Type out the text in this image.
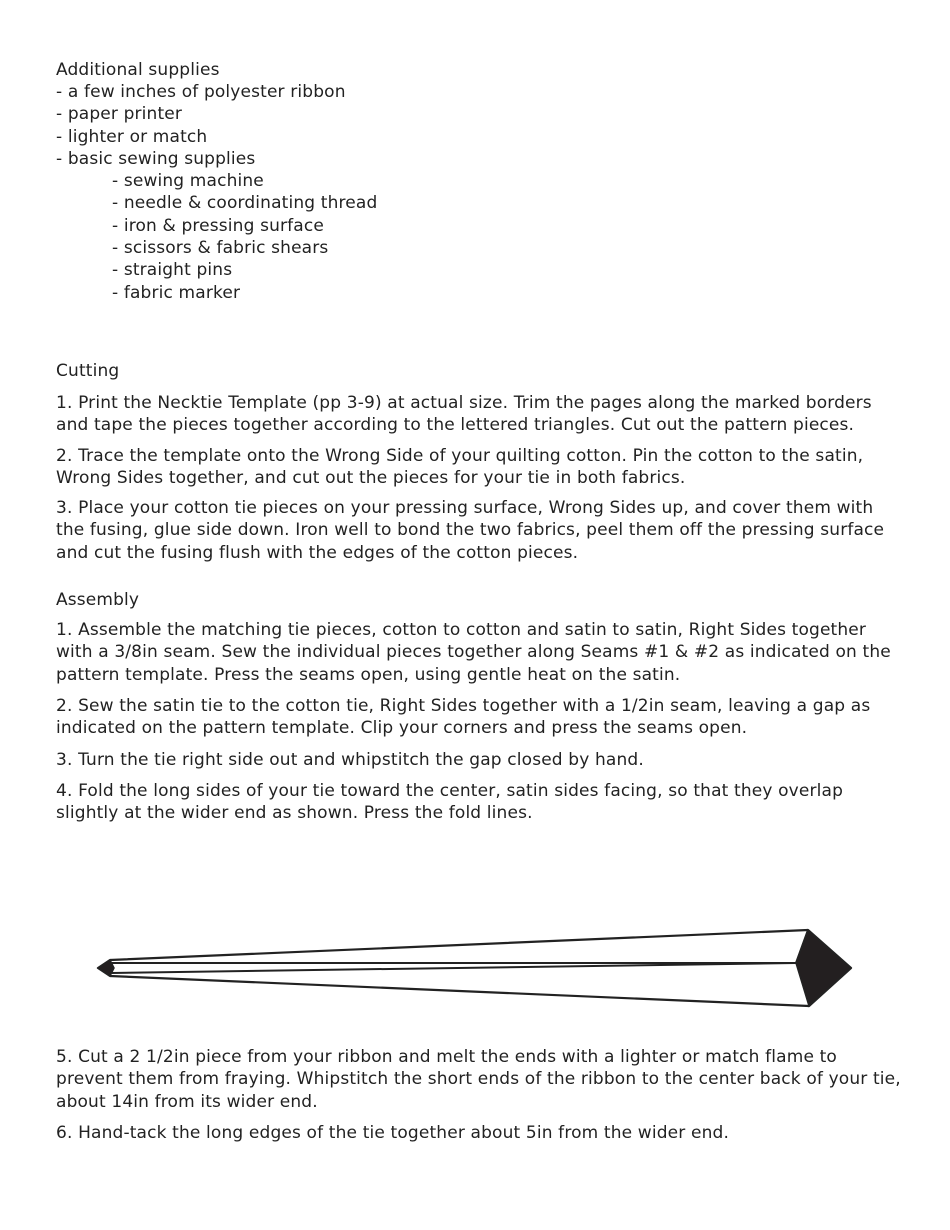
Additional supplies
- a few inches of polyester ribbon
- paper printer
- lighter or match
- basic sewing supplies
- sewing machine
- needle & coordinating thread
- iron & pressing surface
- scissors & fabric shears
- straight pins
- fabric marker
Cutting

1. Print the Necktie Template (pp 3-9) at actual size. Trim the pages along the marked borders and tape the pieces together according to the lettered triangles. Cut out the pattern pieces.

2. Trace the template onto the Wrong Side of your quilting cotton. Pin the cotton to the satin, Wrong Sides together, and cut out the pieces for your tie in both fabrics.

3. Place your cotton tie pieces on your pressing surface, Wrong Sides up, and cover them with the fusing, glue side down. Iron well to bond the two fabrics, peel them off the pressing surface and cut the fusing flush with the edges of the cotton pieces.

Assembly

1. Assemble the matching tie pieces, cotton to cotton and satin to satin, Right Sides together with a 3/8in seam. Sew the individual pieces together along Seams #1 & #2 as indicated on the pattern template. Press the seams open, using gentle heat on the satin.

2. Sew the satin tie to the cotton tie, Right Sides together with a 1/2in seam, leaving a gap as indicated on the pattern template. Clip your corners and press the seams open.

3. Turn the tie right side out and whipstitch the gap closed by hand.

4. Fold the long sides of your tie toward the center, satin sides facing, so that they overlap slightly at the wider end as shown. Press the fold lines.

5. Cut a 2 1/2in piece from your ribbon and melt the ends with a lighter or match flame to prevent them from fraying. Whipstitch the short ends of the ribbon to the center back of your tie, about 14in from its wider end.

6. Hand-tack the long edges of the tie together about 5in from the wider end.
